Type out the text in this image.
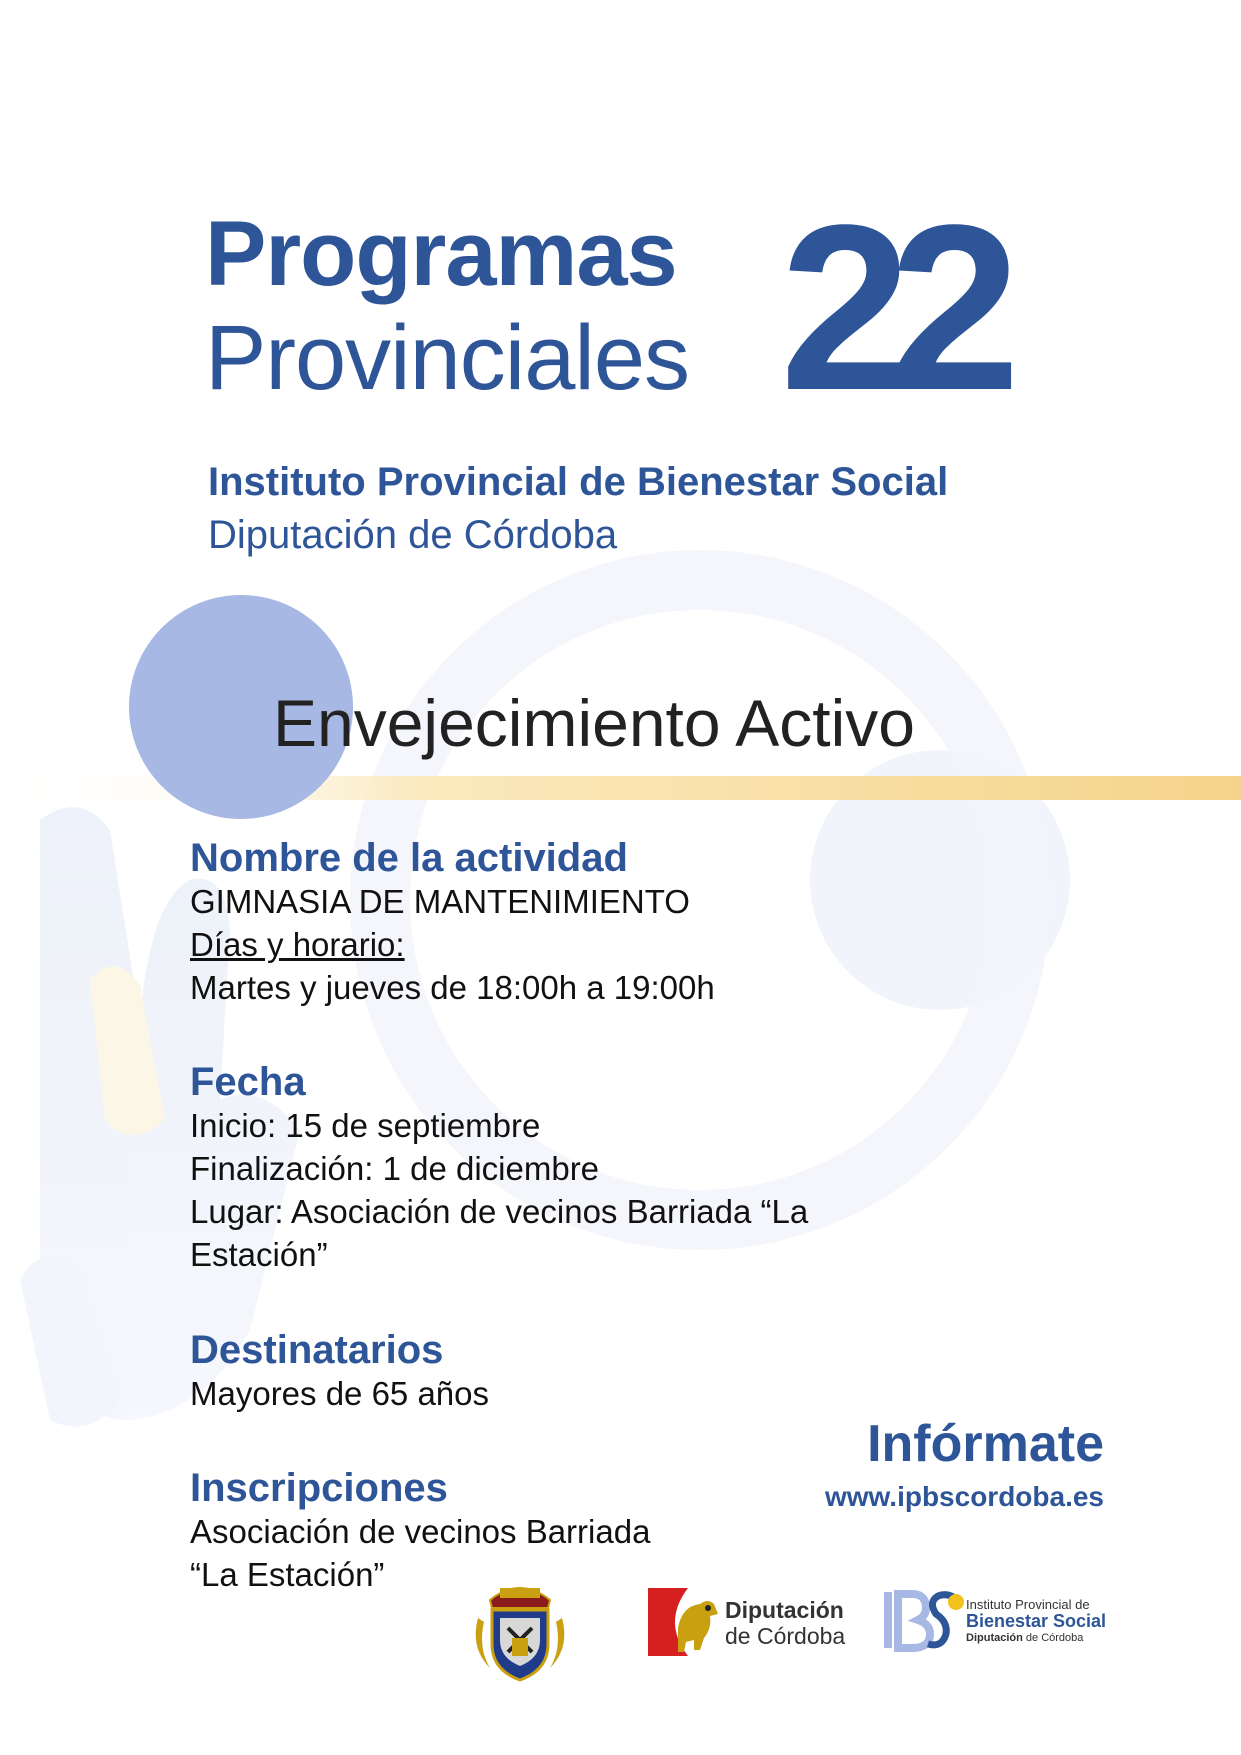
Programas
Provinciales 22
Instituto Provincial de Bienestar Social
Diputación de Córdoba
Envejecimiento Activo
Nombre de la actividad
GIMNASIA DE MANTENIMIENTO
Días y horario:
Martes y jueves de 18:00h a 19:00h
Fecha
Inicio: 15 de septiembre
Finalización: 1 de diciembre
Lugar: Asociación de vecinos Barriada “La
Estación”
Destinatarios
Mayores de 65 años
Inscripciones
Asociación de vecinos Barriada
“La Estación”
Infórmate
www.ipbscordoba.es
Diputación
de Córdoba
Instituto Provincial de
Bienestar Social
Diputación de Córdoba
